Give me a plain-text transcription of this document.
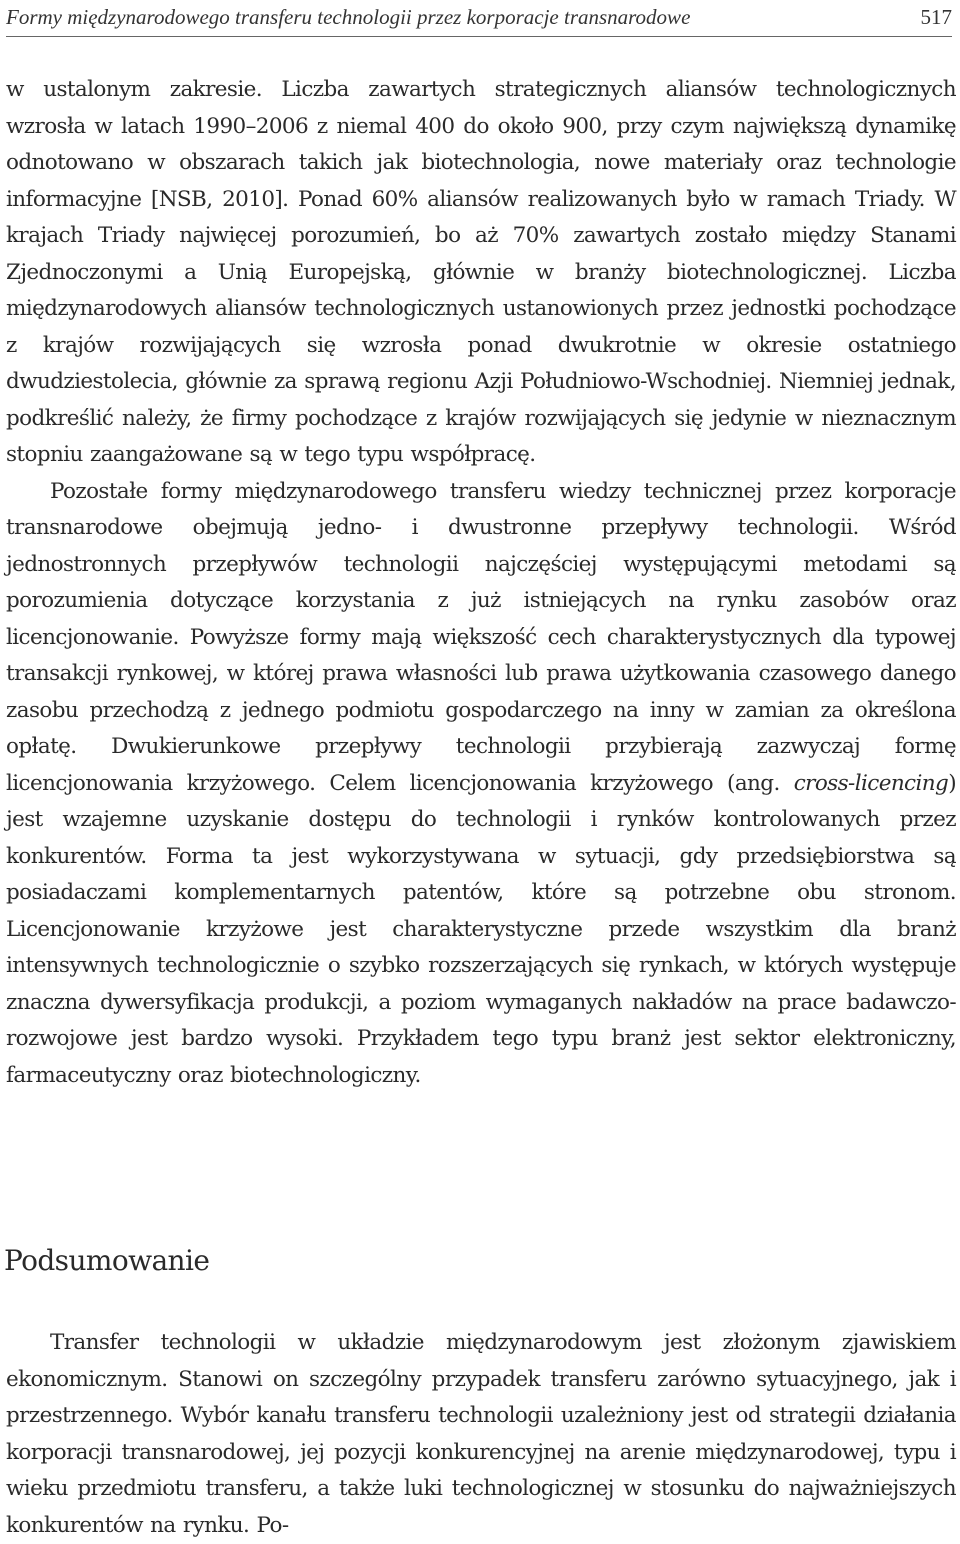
Formy międzynarodowego transferu technologii przez korporacje transnarodowe	517

w ustalonym zakresie. Liczba zawartych strategicznych aliansów technologicznych wzrosła w latach 1990–2006 z niemal 400 do około 900, przy czym największą dynamikę odnotowano w obszarach takich jak biotechnologia, nowe materiały oraz technologie informacyjne [NSB, 2010]. Ponad 60% aliansów realizowanych było w ramach Triady. W krajach Triady najwięcej porozumień, bo aż 70% zawartych zostało między Stanami Zjednoczonymi a Unią Europejską, głównie w branży biotechnologicznej. Liczba międzynarodowych aliansów technologicznych ustanowionych przez jednostki pochodzące z krajów rozwijających się wzrosła ponad dwukrotnie w okresie ostatniego dwudziestolecia, głównie za sprawą regionu Azji Południowo-Wschodniej. Niemniej jednak, podkreślić należy, że firmy pochodzące z krajów rozwijających się jedynie w nieznacznym stopniu zaangażowane są w tego typu współpracę.

Pozostałe formy międzynarodowego transferu wiedzy technicznej przez korporacje transnarodowe obejmują jedno- i dwustronne przepływy technologii. Wśród jednostronnych przepływów technologii najczęściej występującymi metodami są porozumienia dotyczące korzystania z już istniejących na rynku zasobów oraz licencjonowanie. Powyższe formy mają większość cech charakterystycznych dla typowej transakcji rynkowej, w której prawa własności lub prawa użytkowania czasowego danego zasobu przechodzą z jednego podmiotu gospodarczego na inny w zamian za określona opłatę. Dwukierunkowe przepływy technologii przybierają zazwyczaj formę licencjonowania krzyżowego. Celem licencjonowania krzyżowego (ang. cross-licencing) jest wzajemne uzyskanie dostępu do technologii i rynków kontrolowanych przez konkurentów. Forma ta jest wykorzystywana w sytuacji, gdy przedsiębiorstwa są posiadaczami komplementarnych patentów, które są potrzebne obu stronom. Licencjonowanie krzyżowe jest charakterystyczne przede wszystkim dla branż intensywnych technologicznie o szybko rozszerzających się rynkach, w których występuje znaczna dywersyfikacja produkcji, a poziom wymaganych nakładów na prace badawczo-rozwojowe jest bardzo wysoki. Przykładem tego typu branż jest sektor elektroniczny, farmaceutyczny oraz biotechnologiczny.

Podsumowanie

Transfer technologii w układzie międzynarodowym jest złożonym zjawiskiem ekonomicznym. Stanowi on szczególny przypadek transferu zarówno sytuacyjnego, jak i przestrzennego. Wybór kanału transferu technologii uzależniony jest od strategii działania korporacji transnarodowej, jej pozycji konkurencyjnej na arenie międzynarodowej, typu i wieku przedmiotu transferu, a także luki technologicznej w stosunku do najważniejszych konkurentów na rynku. Po-
